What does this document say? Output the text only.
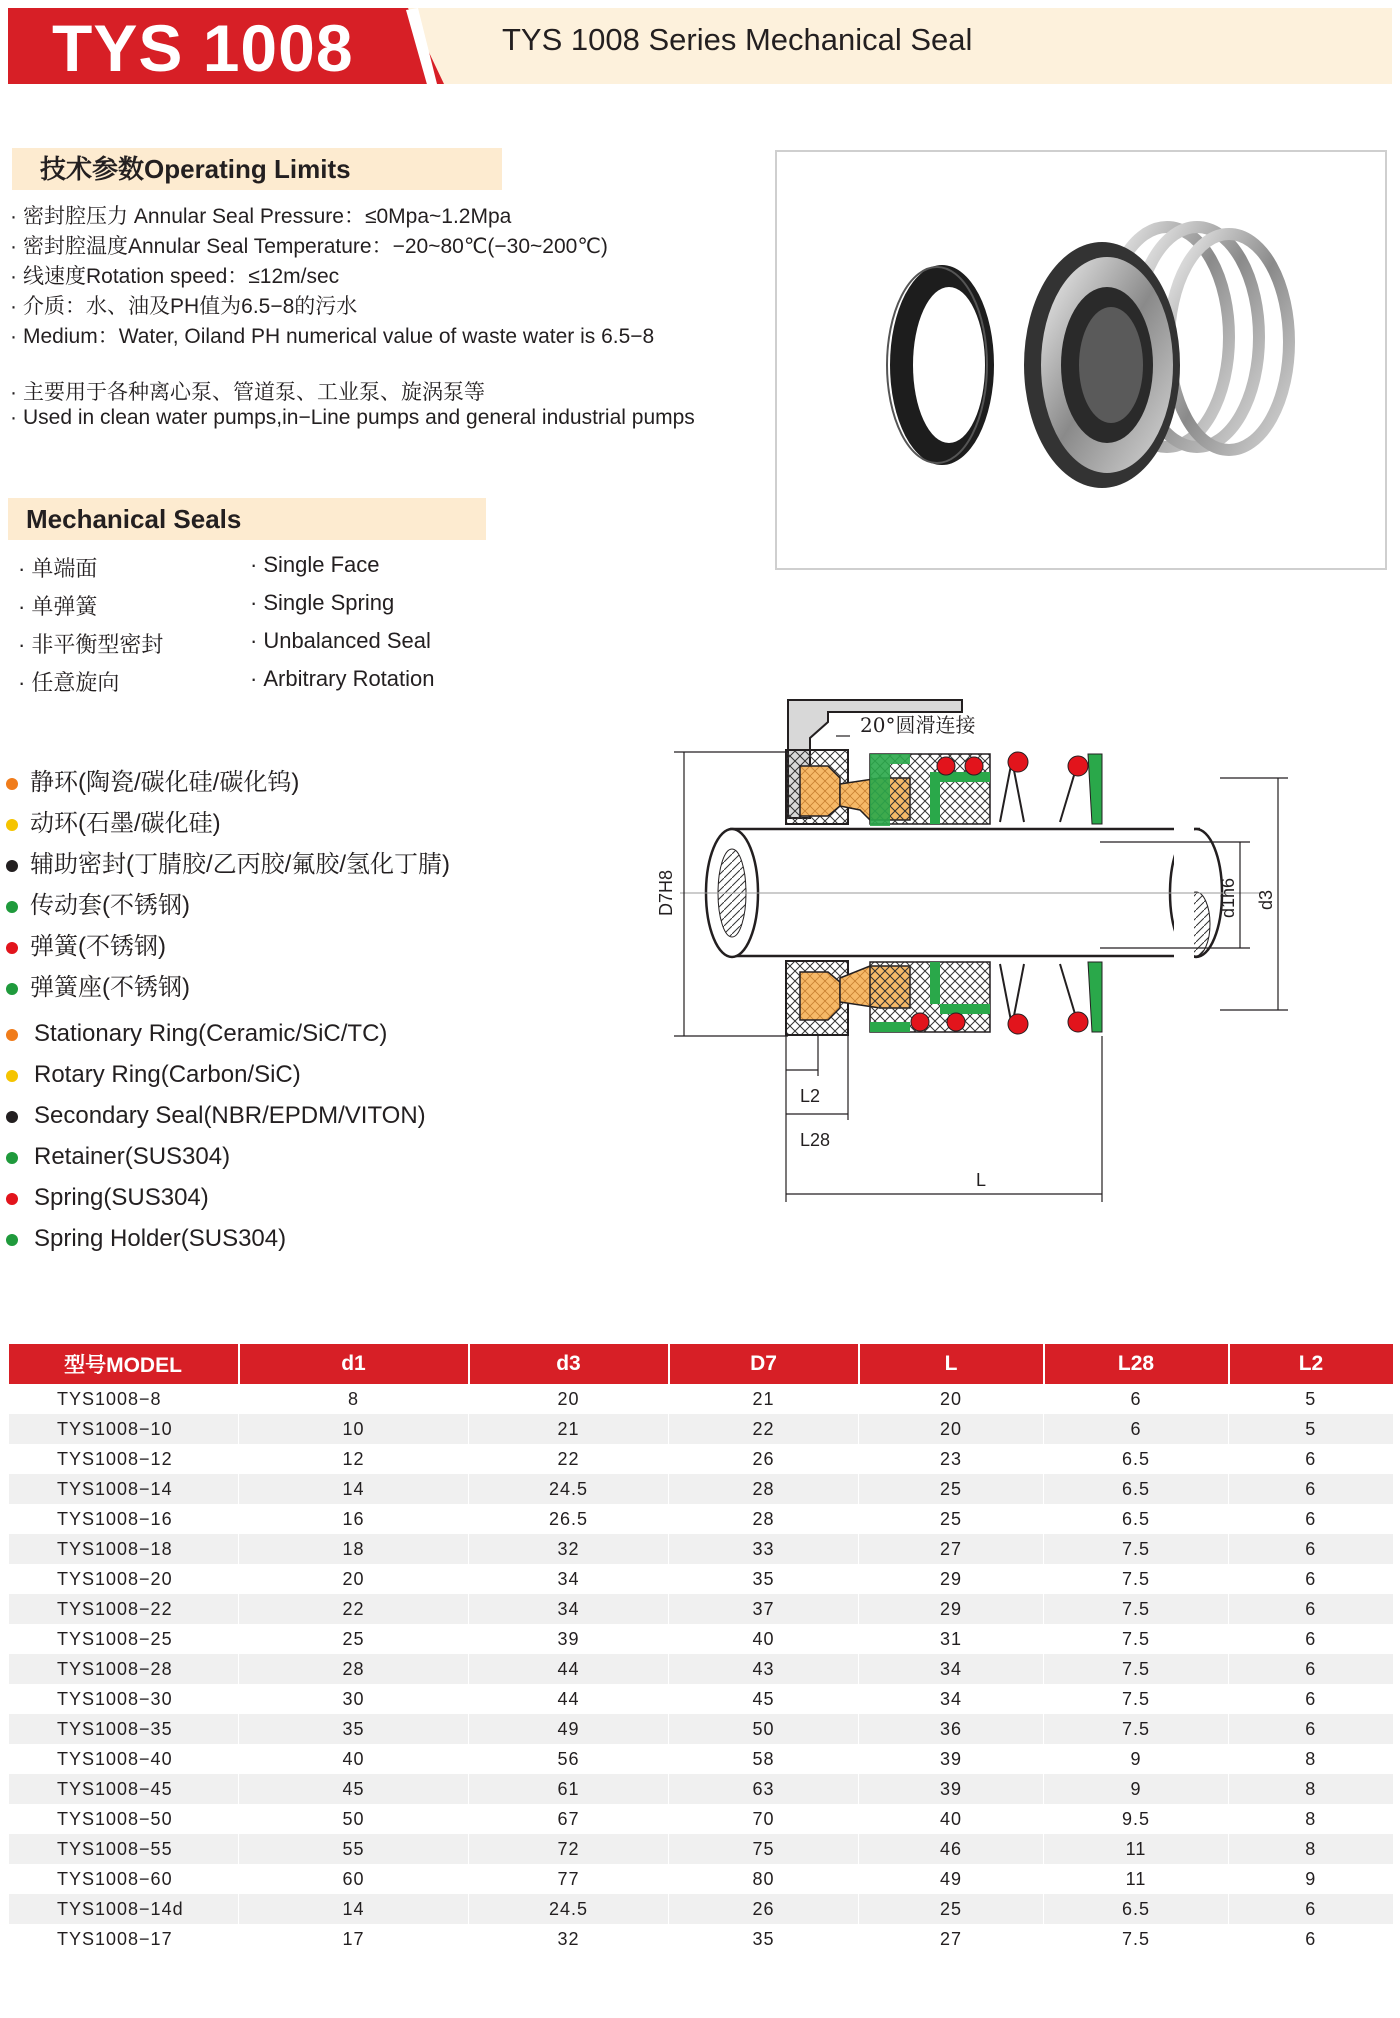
TYS 1008	TYS 1008 Series Mechanical Seal
技术参数Operating Limits
· 密封腔压力 Annular Seal Pressure：≤0Mpa~1.2Mpa
· 密封腔温度Annular Seal Temperature：−20~80℃(−30~200℃)
· 线速度Rotation speed：≤12m/sec
· 介质：水、油及PH值为6.5−8的污水
· Medium：Water, Oiland PH numerical value of waste water is 6.5−8
· 主要用于各种离心泵、管道泵、工业泵、旋涡泵等
· Used in clean water pumps,in−Line pumps and general industrial pumps
Mechanical Seals
· 单端面
· 单弹簧
· 非平衡型密封
· 任意旋向
· Single Face
· Single Spring
· Unbalanced Seal
· Arbitrary Rotation
静环(陶瓷/碳化硅/碳化钨)
动环(石墨/碳化硅)
辅助密封(丁腈胶/乙丙胶/氟胶/氢化丁腈)
传动套(不锈钢)
弹簧(不锈钢)
弹簧座(不锈钢)
Stationary Ring(Ceramic/SiC/TC)
Rotary Ring(Carbon/SiC)
Secondary Seal(NBR/EPDM/VITON)
Retainer(SUS304)
Spring(SUS304)
Spring Holder(SUS304)
20°圆滑连接
D7H8	d1h6 d3
L2
L28
L
型号MODEL	d1	d3	D7	L	L28	L2
TYS1008−8	8	20	21	20	6	5
TYS1008−10	10	21	22	20	6	5
TYS1008−12	12	22	26	23	6.5	6
TYS1008−14	14	24.5	28	25	6.5	6
TYS1008−16	16	26.5	28	25	6.5	6
TYS1008−18	18	32	33	27	7.5	6
TYS1008−20	20	34	35	29	7.5	6
TYS1008−22	22	34	37	29	7.5	6
TYS1008−25	25	39	40	31	7.5	6
TYS1008−28	28	44	43	34	7.5	6
TYS1008−30	30	44	45	34	7.5	6
TYS1008−35	35	49	50	36	7.5	6
TYS1008−40	40	56	58	39	9	8
TYS1008−45	45	61	63	39	9	8
TYS1008−50	50	67	70	40	9.5	8
TYS1008−55	55	72	75	46	11	8
TYS1008−60	60	77	80	49	11	9
TYS1008−14d	14	24.5	26	25	6.5	6
TYS1008−17	17	32	35	27	7.5	6
